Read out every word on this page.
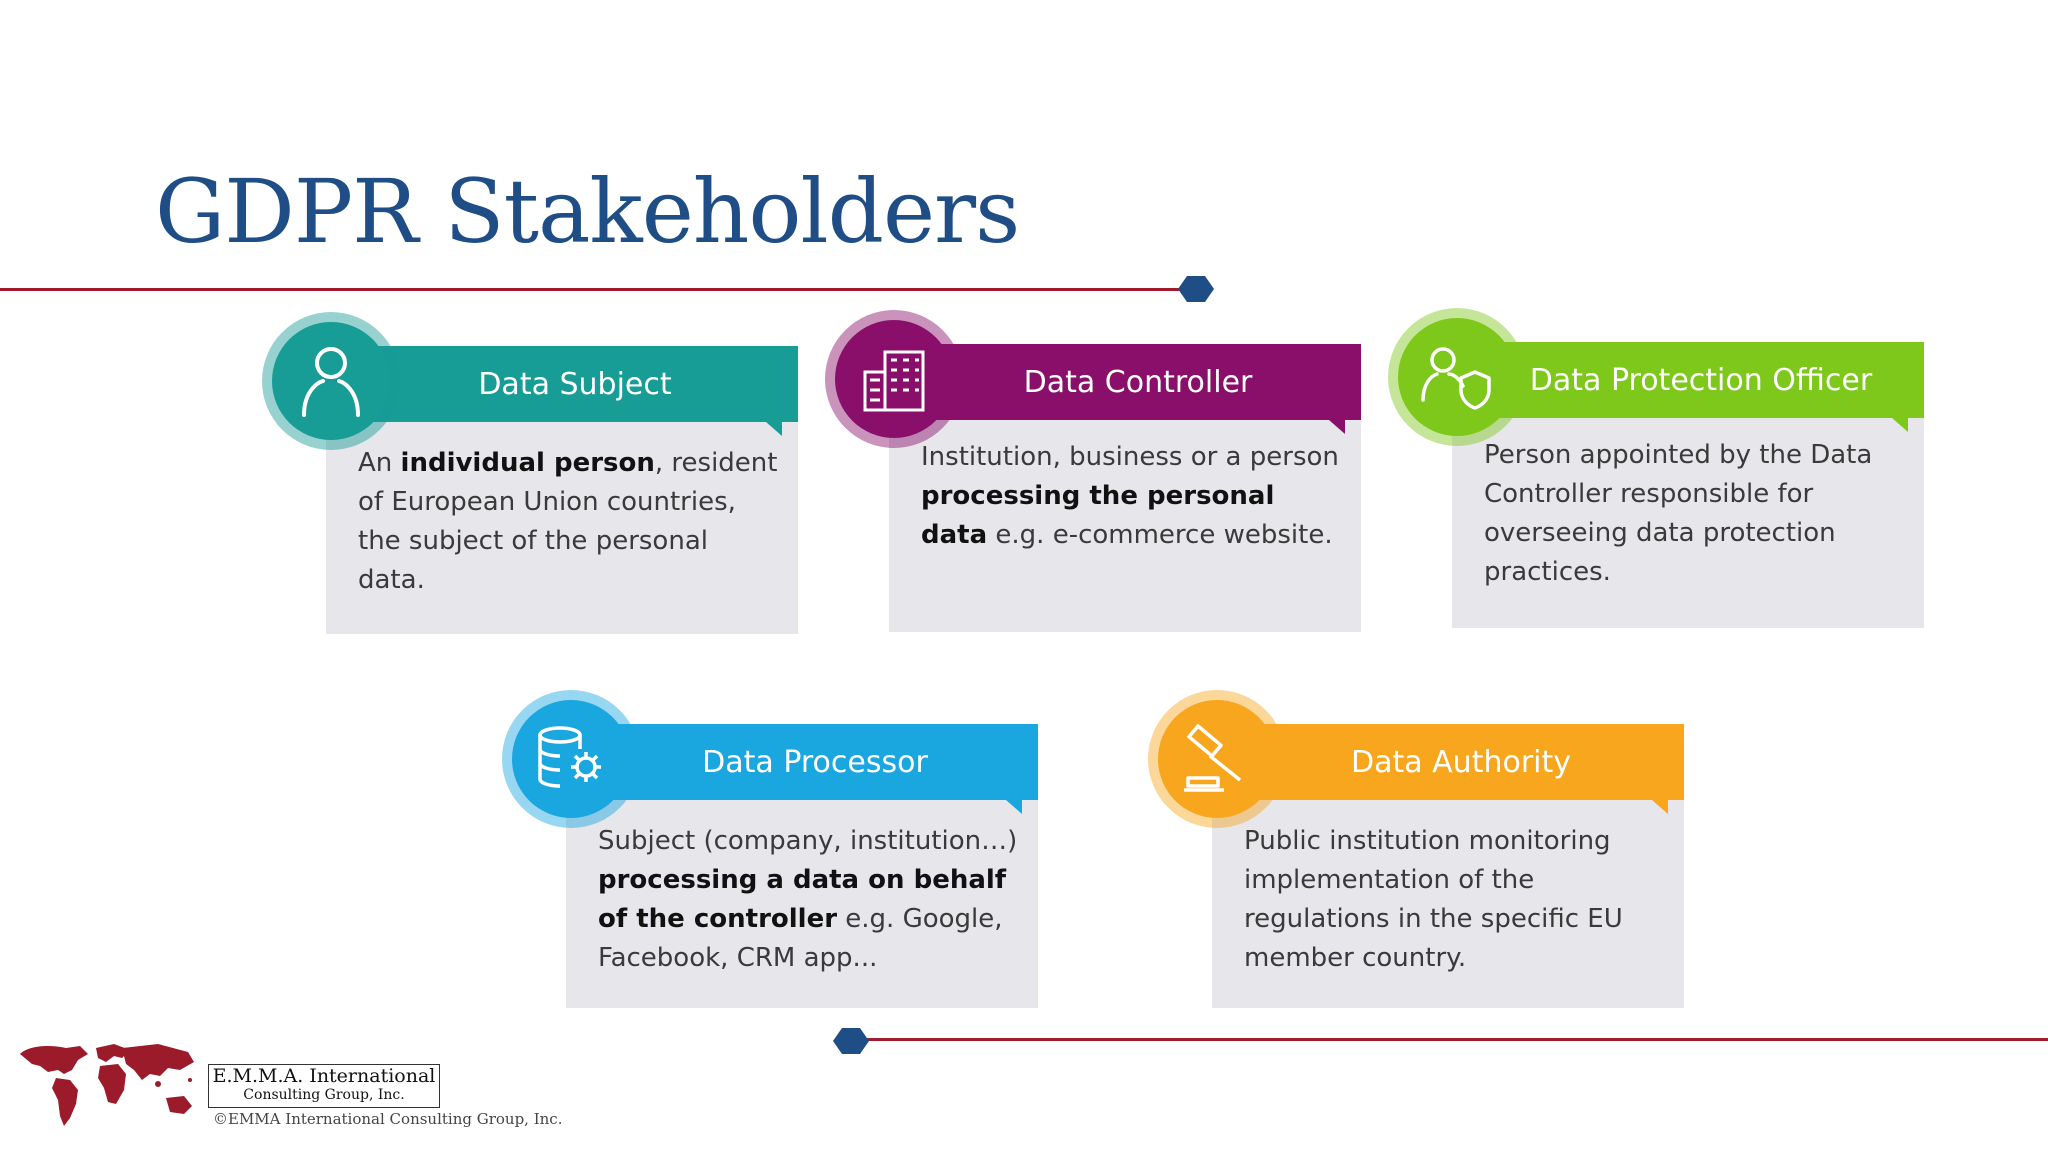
GDPR Stakeholders
Data Subject
An individual person, resident of European Union countries, the subject of the personal data.
Data Controller
Institution, business or a person processing the personal data e.g. e-commerce website.
Data Protection Officer
Person appointed by the Data Controller responsible for overseeing data protection practices.
Data Processor
Subject (company, institution…) processing a data on behalf of the controller e.g. Google, Facebook, CRM app...
Data Authority
Public institution monitoring implementation of the regulations in the specific EU member country.
E.M.M.A. International
Consulting Group, Inc.
©EMMA International Consulting Group, Inc.
